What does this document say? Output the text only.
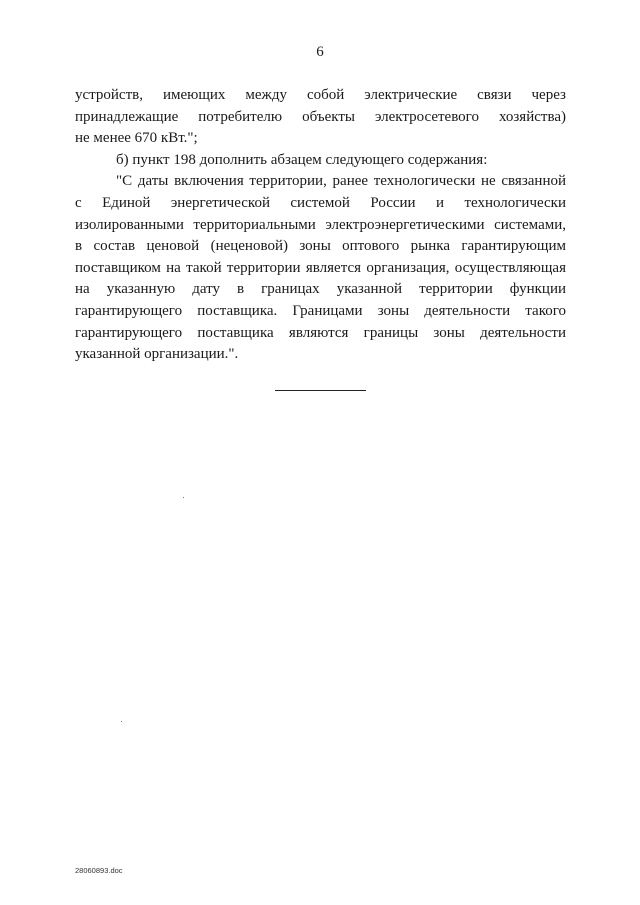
6
устройств, имеющих между собой электрические связи через
принадлежащие потребителю объекты электросетевого хозяйства)
не менее 670 кВт.";
б) пункт 198 дополнить абзацем следующего содержания:
"С даты включения территории, ранее технологически не связанной
с Единой энергетической системой России и технологически
изолированными территориальными электроэнергетическими системами,
в состав ценовой (неценовой) зоны оптового рынка гарантирующим
поставщиком на такой территории является организация, осуществляющая
на указанную дату в границах указанной территории функции
гарантирующего поставщика. Границами зоны деятельности такого
гарантирующего поставщика являются границы зоны деятельности
указанной организации.".
28060893.doc
